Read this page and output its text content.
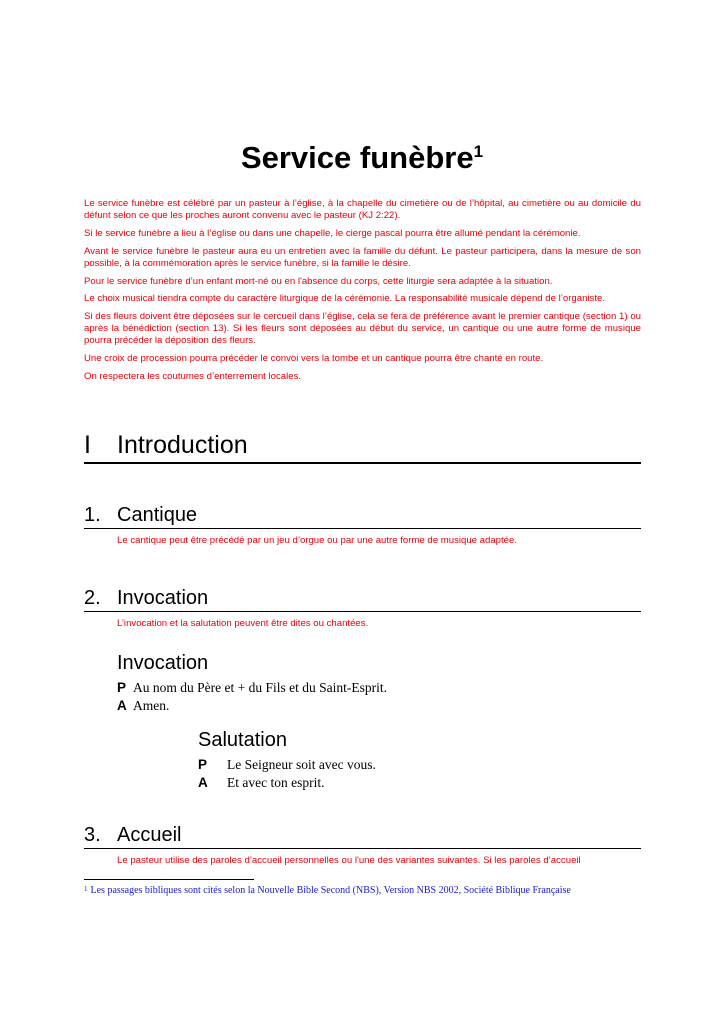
Service funèbre$^1$

Le service funèbre est célébré par un pasteur à l’église, à la chapelle du cimetière ou de l’hôpital, au cimetière ou au domicile du défunt selon ce que les proches auront convenu avec le pasteur (KJ 2:22).

Si le service funèbre a lieu à l’église ou dans une chapelle, le cierge pascal pourra être allumé pendant la cérémonie.

Avant le service funèbre le pasteur aura eu un entretien avec la famille du défunt. Le pasteur participera, dans la mesure de son possible, à la commémoration après le service funèbre, si la famille le désire.

Pour le service funèbre d’un enfant mort-né ou en l'absence du corps, cette liturgie sera adaptée à la situation.

Le choix musical tiendra compte du caractère liturgique de la cérémonie. La responsabilité musicale dépend de l’organiste.

Si des fleurs doivent être déposées sur le cercueil dans l’église, cela se fera de préférence avant le premier cantique (section 1) ou après la bénédiction (section 13). Si les fleurs sont déposées au début du service, un cantique ou une autre forme de musique pourra précéder la déposition des fleurs.

Une croix de procession pourra précéder le convoi vers la tombe et un cantique pourra être chanté en route.

On respectera les coutumes d’enterrement locales.

I Introduction
1. Cantique
Le cantique peut être précédé par un jeu d’orgue ou par une autre forme de musique adaptée.
2. Invocation
L’invocation et la salutation peuvent être dites ou chantées.
Invocation
P Au nom du Père et + du Fils et du Saint-Esprit.
A Amen.
Salutation
P Le Seigneur soit avec vous.
A Et avec ton esprit.
3. Accueil
Le pasteur utilise des paroles d’accueil personnelles ou l'une des variantes suivantes. Si les paroles d’accueil
$^1$ Les passages bibliques sont cités selon la Nouvelle Bible Second (NBS), Version NBS 2002, Société Biblique Française
